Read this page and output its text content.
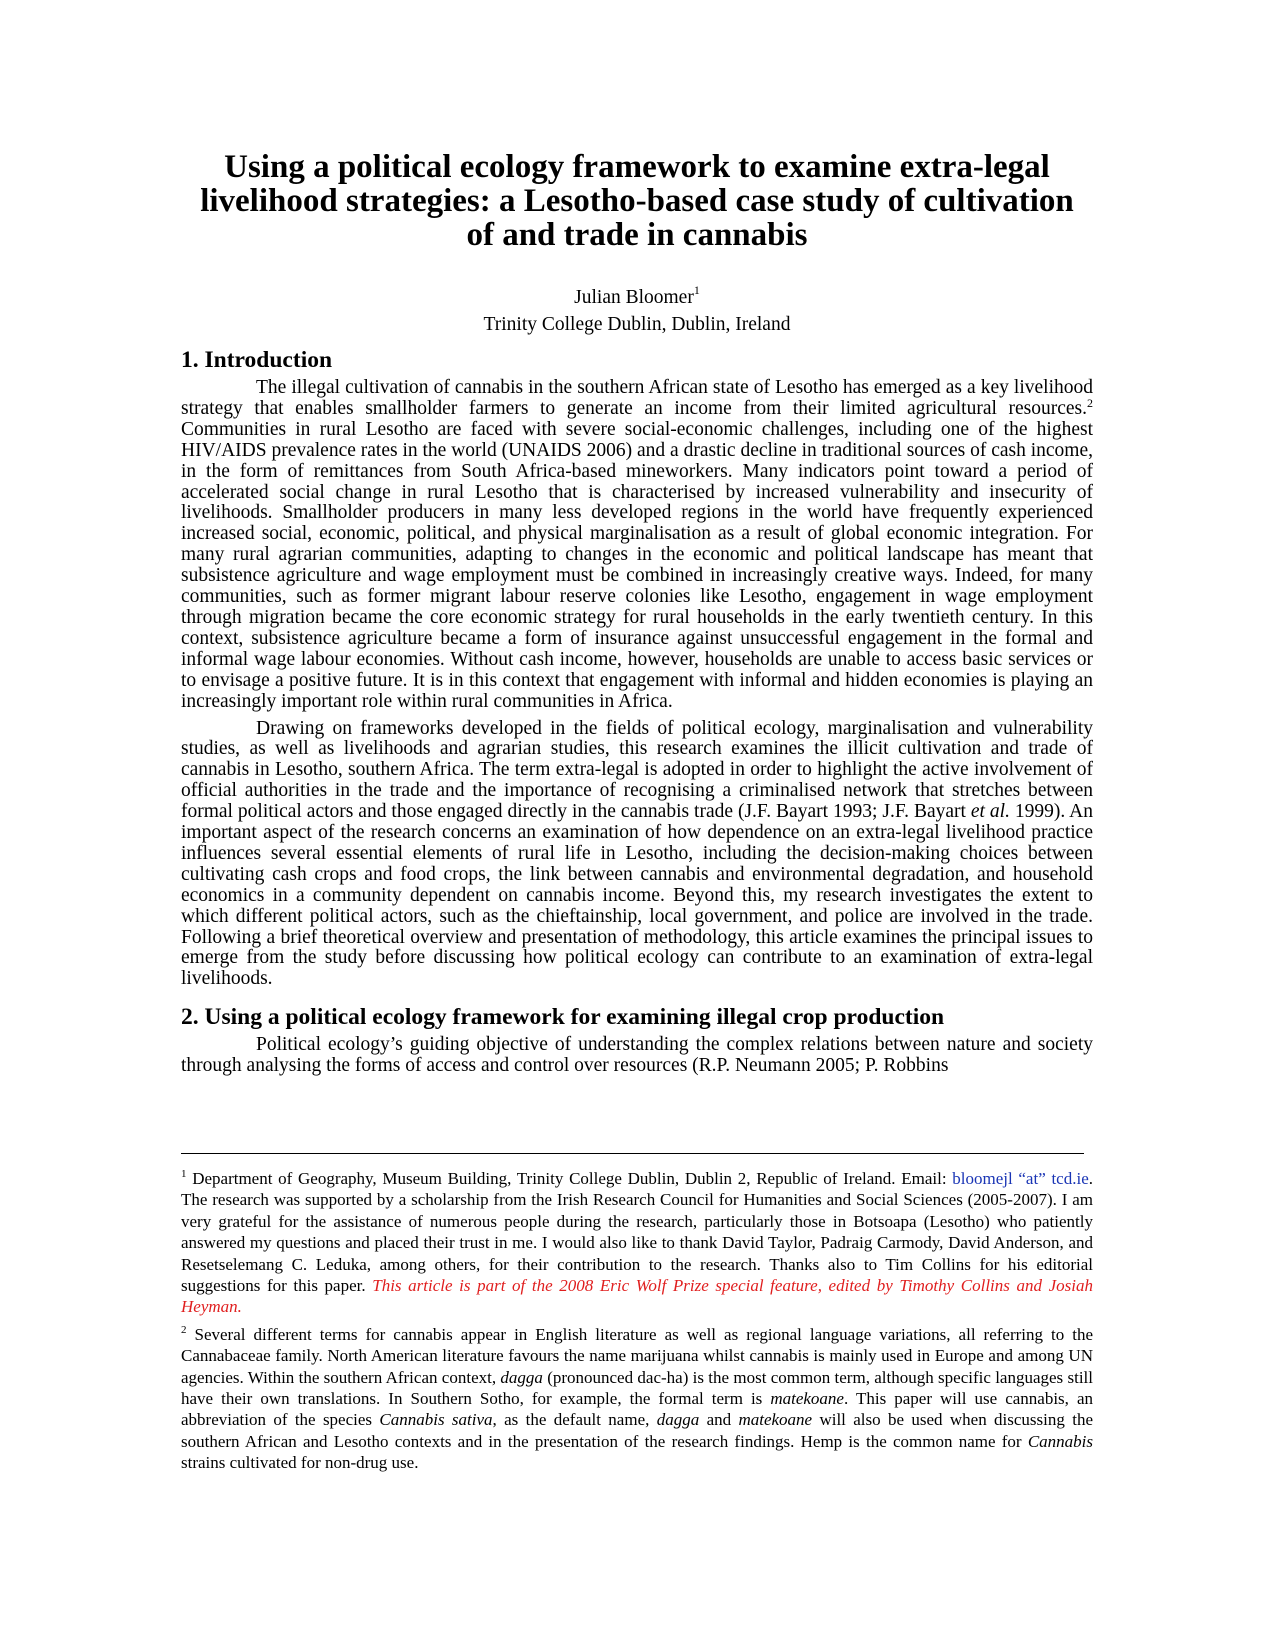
Using a political ecology framework to examine extra-legal
livelihood strategies: a Lesotho-based case study of cultivation
of and trade in cannabis
Julian Bloomer$^1$
Trinity College Dublin, Dublin, Ireland
1. Introduction

The illegal cultivation of cannabis in the southern African state of Lesotho has emerged as a key livelihood strategy that enables smallholder farmers to generate an income from their limited agricultural resources.$^2$ Communities in rural Lesotho are faced with severe social-economic challenges, including one of the highest HIV/AIDS prevalence rates in the world (UNAIDS 2006) and a drastic decline in traditional sources of cash income, in the form of remittances from South Africa-based mineworkers. Many indicators point toward a period of accelerated social change in rural Lesotho that is characterised by increased vulnerability and insecurity of livelihoods. Smallholder producers in many less developed regions in the world have frequently experienced increased social, economic, political, and physical marginalisation as a result of global economic integration. For many rural agrarian communities, adapting to changes in the economic and political landscape has meant that subsistence agriculture and wage employment must be combined in increasingly creative ways. Indeed, for many communities, such as former migrant labour reserve colonies like Lesotho, engagement in wage employment through migration became the core economic strategy for rural households in the early twentieth century. In this context, subsistence agriculture became a form of insurance against unsuccessful engagement in the formal and informal wage labour economies. Without cash income, however, households are unable to access basic services or to envisage a positive future. It is in this context that engagement with informal and hidden economies is playing an increasingly important role within rural communities in Africa.

Drawing on frameworks developed in the fields of political ecology, marginalisation and vulnerability studies, as well as livelihoods and agrarian studies, this research examines the illicit cultivation and trade of cannabis in Lesotho, southern Africa. The term extra-legal is adopted in order to highlight the active involvement of official authorities in the trade and the importance of recognising a criminalised network that stretches between formal political actors and those engaged directly in the cannabis trade (J.F. Bayart 1993; J.F. Bayart et al. 1999). An important aspect of the research concerns an examination of how dependence on an extra-legal livelihood practice influences several essential elements of rural life in Lesotho, including the decision-making choices between cultivating cash crops and food crops, the link between cannabis and environmental degradation, and household economics in a community dependent on cannabis income. Beyond this, my research investigates the extent to which different political actors, such as the chieftainship, local government, and police are involved in the trade. Following a brief theoretical overview and presentation of methodology, this article examines the principal issues to emerge from the study before discussing how political ecology can contribute to an examination of extra-legal livelihoods.

2. Using a political ecology framework for examining illegal crop production

Political ecology’s guiding objective of understanding the complex relations between nature and society through analysing the forms of access and control over resources (R.P. Neumann 2005; P. Robbins

$^1$ Department of Geography, Museum Building, Trinity College Dublin, Dublin 2, Republic of Ireland. Email: bloomejl “at” tcd.ie. The research was supported by a scholarship from the Irish Research Council for Humanities and Social Sciences (2005-2007). I am very grateful for the assistance of numerous people during the research, particularly those in Botsoapa (Lesotho) who patiently answered my questions and placed their trust in me. I would also like to thank David Taylor, Padraig Carmody, David Anderson, and Resetselemang C. Leduka, among others, for their contribution to the research. Thanks also to Tim Collins for his editorial suggestions for this paper. This article is part of the 2008 Eric Wolf Prize special feature, edited by Timothy Collins and Josiah Heyman.

$^2$ Several different terms for cannabis appear in English literature as well as regional language variations, all referring to the Cannabaceae family. North American literature favours the name marijuana whilst cannabis is mainly used in Europe and among UN agencies. Within the southern African context, dagga (pronounced dac-ha) is the most common term, although specific languages still have their own translations. In Southern Sotho, for example, the formal term is matekoane. This paper will use cannabis, an abbreviation of the species Cannabis sativa, as the default name, dagga and matekoane will also be used when discussing the southern African and Lesotho contexts and in the presentation of the research findings. Hemp is the common name for Cannabis strains cultivated for non-drug use.
